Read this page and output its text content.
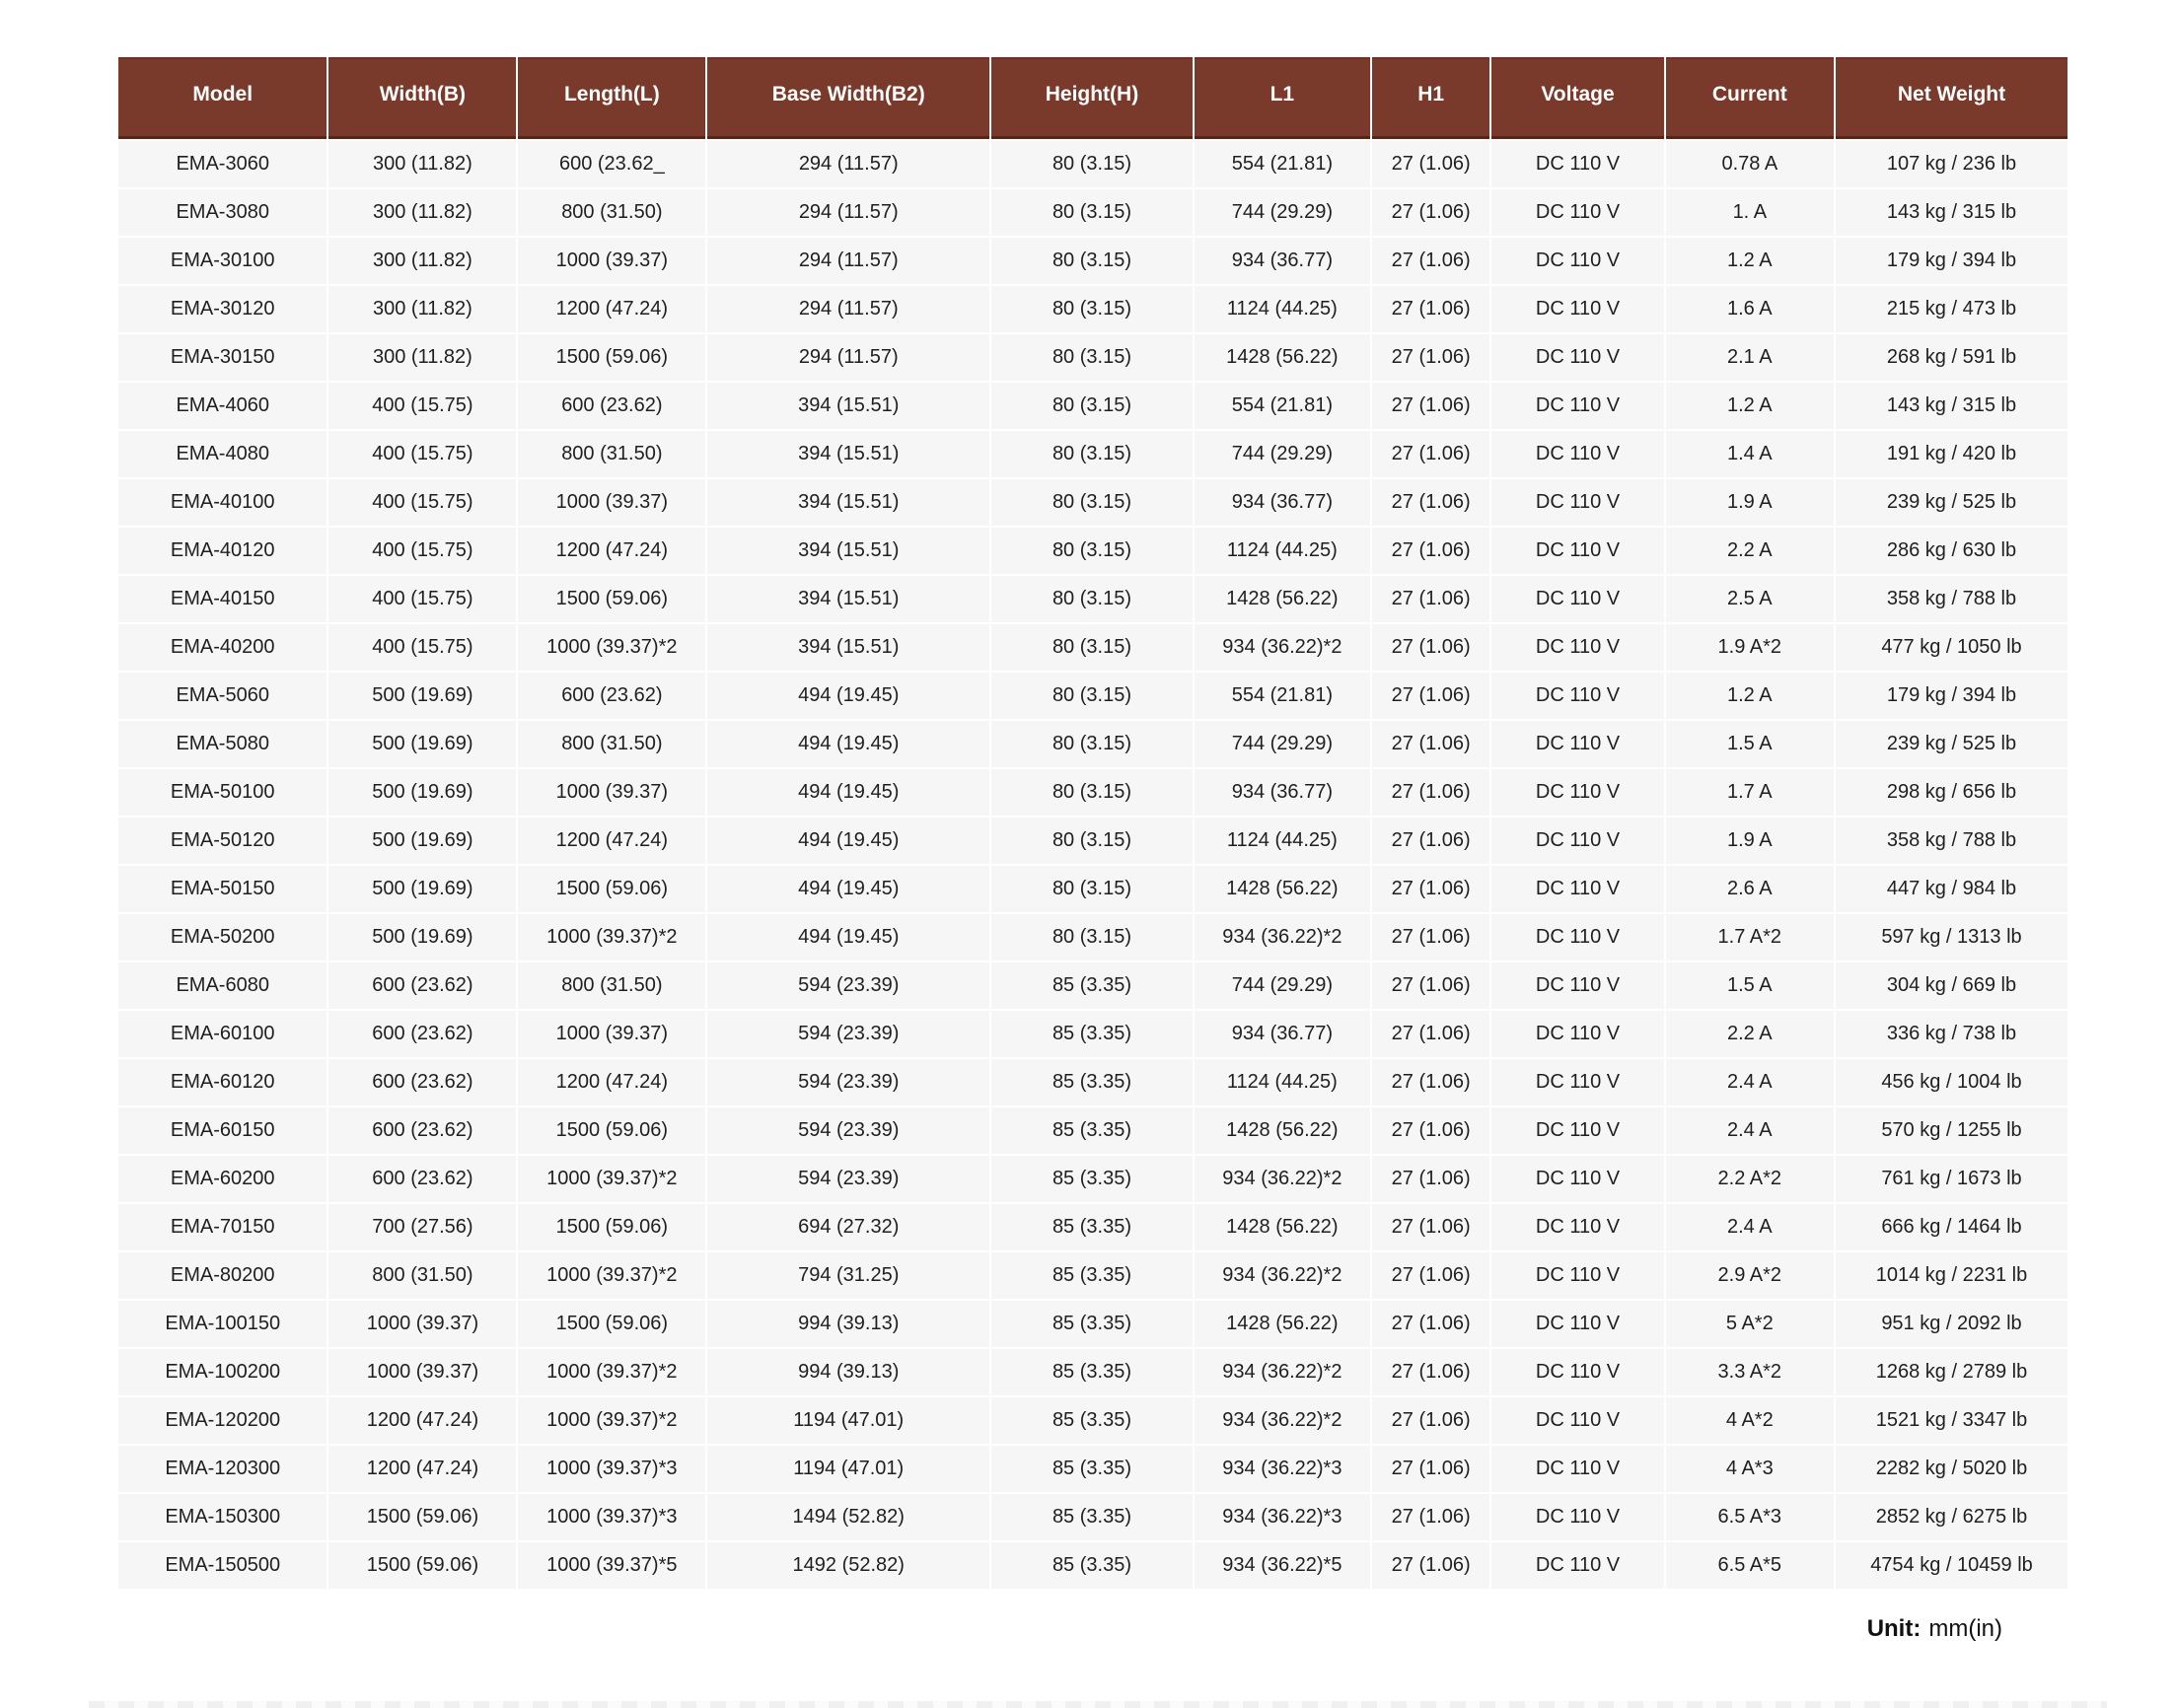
Model	Width(B)	Length(L)	Base Width(B2)	Height(H)	L1	H1	Voltage	Current	Net Weight
EMA-3060	300 (11.82)	600 (23.62_	294 (11.57)	80 (3.15)	554 (21.81)	27 (1.06)	DC 110 V	0.78 A	107 kg / 236 lb
EMA-3080	300 (11.82)	800 (31.50)	294 (11.57)	80 (3.15)	744 (29.29)	27 (1.06)	DC 110 V	1. A	143 kg / 315 lb
EMA-30100	300 (11.82)	1000 (39.37)	294 (11.57)	80 (3.15)	934 (36.77)	27 (1.06)	DC 110 V	1.2 A	179 kg / 394 lb
EMA-30120	300 (11.82)	1200 (47.24)	294 (11.57)	80 (3.15)	1124 (44.25)	27 (1.06)	DC 110 V	1.6 A	215 kg / 473 lb
EMA-30150	300 (11.82)	1500 (59.06)	294 (11.57)	80 (3.15)	1428 (56.22)	27 (1.06)	DC 110 V	2.1 A	268 kg / 591 lb
EMA-4060	400 (15.75)	600 (23.62)	394 (15.51)	80 (3.15)	554 (21.81)	27 (1.06)	DC 110 V	1.2 A	143 kg / 315 lb
EMA-4080	400 (15.75)	800 (31.50)	394 (15.51)	80 (3.15)	744 (29.29)	27 (1.06)	DC 110 V	1.4 A	191 kg / 420 lb
EMA-40100	400 (15.75)	1000 (39.37)	394 (15.51)	80 (3.15)	934 (36.77)	27 (1.06)	DC 110 V	1.9 A	239 kg / 525 lb
EMA-40120	400 (15.75)	1200 (47.24)	394 (15.51)	80 (3.15)	1124 (44.25)	27 (1.06)	DC 110 V	2.2 A	286 kg / 630 lb
EMA-40150	400 (15.75)	1500 (59.06)	394 (15.51)	80 (3.15)	1428 (56.22)	27 (1.06)	DC 110 V	2.5 A	358 kg / 788 lb
EMA-40200	400 (15.75)	1000 (39.37)*2	394 (15.51)	80 (3.15)	934 (36.22)*2	27 (1.06)	DC 110 V	1.9 A*2	477 kg / 1050 lb
EMA-5060	500 (19.69)	600 (23.62)	494 (19.45)	80 (3.15)	554 (21.81)	27 (1.06)	DC 110 V	1.2 A	179 kg / 394 lb
EMA-5080	500 (19.69)	800 (31.50)	494 (19.45)	80 (3.15)	744 (29.29)	27 (1.06)	DC 110 V	1.5 A	239 kg / 525 lb
EMA-50100	500 (19.69)	1000 (39.37)	494 (19.45)	80 (3.15)	934 (36.77)	27 (1.06)	DC 110 V	1.7 A	298 kg / 656 lb
EMA-50120	500 (19.69)	1200 (47.24)	494 (19.45)	80 (3.15)	1124 (44.25)	27 (1.06)	DC 110 V	1.9 A	358 kg / 788 lb
EMA-50150	500 (19.69)	1500 (59.06)	494 (19.45)	80 (3.15)	1428 (56.22)	27 (1.06)	DC 110 V	2.6 A	447 kg / 984 lb
EMA-50200	500 (19.69)	1000 (39.37)*2	494 (19.45)	80 (3.15)	934 (36.22)*2	27 (1.06)	DC 110 V	1.7 A*2	597 kg / 1313 lb
EMA-6080	600 (23.62)	800 (31.50)	594 (23.39)	85 (3.35)	744 (29.29)	27 (1.06)	DC 110 V	1.5 A	304 kg / 669 lb
EMA-60100	600 (23.62)	1000 (39.37)	594 (23.39)	85 (3.35)	934 (36.77)	27 (1.06)	DC 110 V	2.2 A	336 kg / 738 lb
EMA-60120	600 (23.62)	1200 (47.24)	594 (23.39)	85 (3.35)	1124 (44.25)	27 (1.06)	DC 110 V	2.4 A	456 kg / 1004 lb
EMA-60150	600 (23.62)	1500 (59.06)	594 (23.39)	85 (3.35)	1428 (56.22)	27 (1.06)	DC 110 V	2.4 A	570 kg / 1255 lb
EMA-60200	600 (23.62)	1000 (39.37)*2	594 (23.39)	85 (3.35)	934 (36.22)*2	27 (1.06)	DC 110 V	2.2 A*2	761 kg / 1673 lb
EMA-70150	700 (27.56)	1500 (59.06)	694 (27.32)	85 (3.35)	1428 (56.22)	27 (1.06)	DC 110 V	2.4 A	666 kg / 1464 lb
EMA-80200	800 (31.50)	1000 (39.37)*2	794 (31.25)	85 (3.35)	934 (36.22)*2	27 (1.06)	DC 110 V	2.9 A*2	1014 kg / 2231 lb
EMA-100150	1000 (39.37)	1500 (59.06)	994 (39.13)	85 (3.35)	1428 (56.22)	27 (1.06)	DC 110 V	5 A*2	951 kg / 2092 lb
EMA-100200	1000 (39.37)	1000 (39.37)*2	994 (39.13)	85 (3.35)	934 (36.22)*2	27 (1.06)	DC 110 V	3.3 A*2	1268 kg / 2789 lb
EMA-120200	1200 (47.24)	1000 (39.37)*2	1194 (47.01)	85 (3.35)	934 (36.22)*2	27 (1.06)	DC 110 V	4 A*2	1521 kg / 3347 lb
EMA-120300	1200 (47.24)	1000 (39.37)*3	1194 (47.01)	85 (3.35)	934 (36.22)*3	27 (1.06)	DC 110 V	4 A*3	2282 kg / 5020 lb
EMA-150300	1500 (59.06)	1000 (39.37)*3	1494 (52.82)	85 (3.35)	934 (36.22)*3	27 (1.06)	DC 110 V	6.5 A*3	2852 kg / 6275 lb
EMA-150500	1500 (59.06)	1000 (39.37)*5	1492 (52.82)	85 (3.35)	934 (36.22)*5	27 (1.06)	DC 110 V	6.5 A*5	4754 kg / 10459 lb
Unit: mm(in)
